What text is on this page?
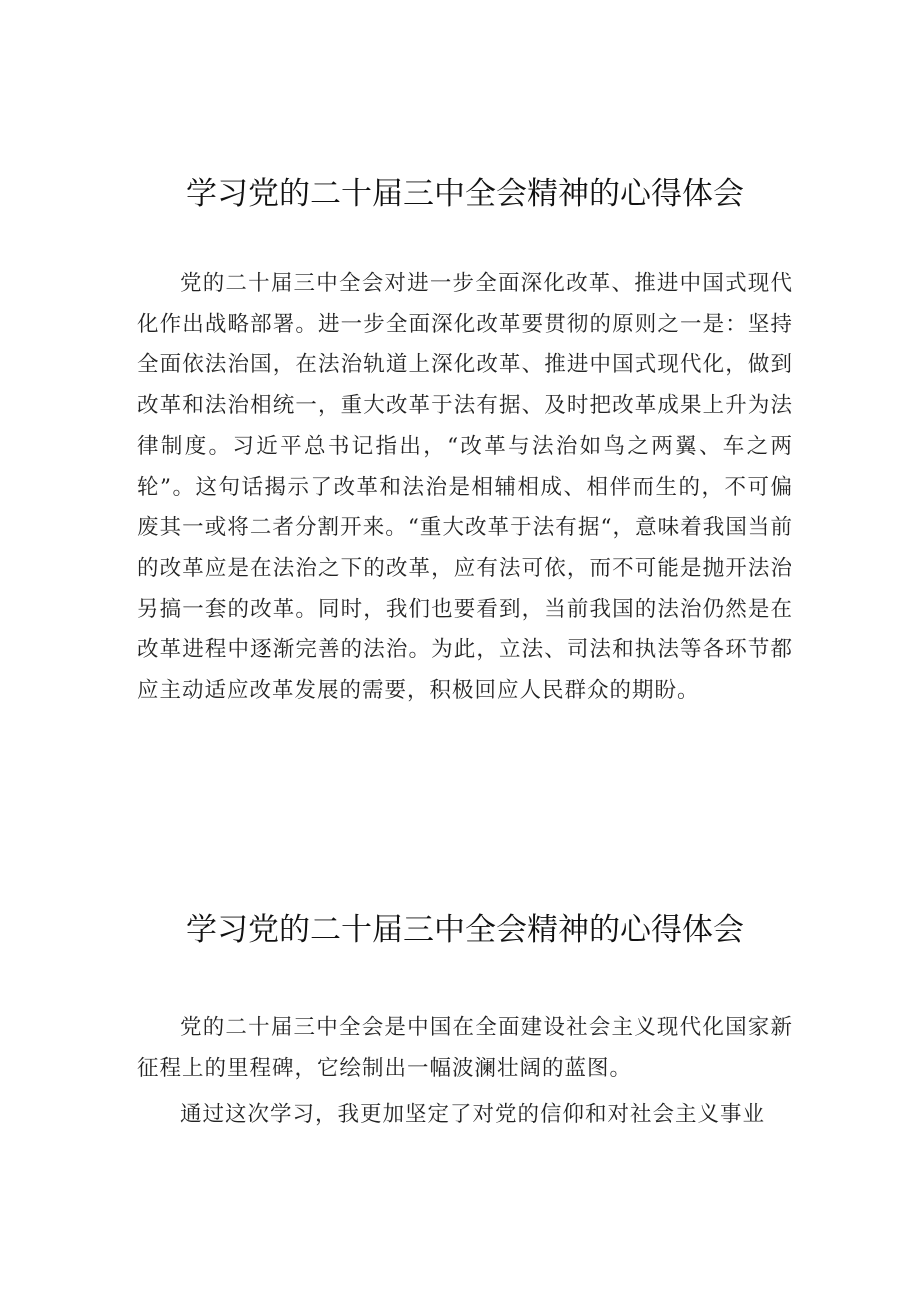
学习党的二十届三中全会精神的心得体会

党的二十届三中全会对进一步全面深化改革、推进中国式现代化作出战略部署。进一步全面深化改革要贯彻的原则之一是：坚持全面依法治国，在法治轨道上深化改革、推进中国式现代化，做到改革和法治相统一，重大改革于法有据、及时把改革成果上升为法律制度。习近平总书记指出，“改革与法治如鸟之两翼、车之两轮”。这句话揭示了改革和法治是相辅相成、相伴而生的，不可偏废其一或将二者分割开来。“重大改革于法有据“，意味着我国当前的改革应是在法治之下的改革，应有法可依，而不可能是抛开法治另搞一套的改革。同时，我们也要看到，当前我国的法治仍然是在改革进程中逐渐完善的法治。为此，立法、司法和执法等各环节都应主动适应改革发展的需要，积极回应人民群众的期盼。

学习党的二十届三中全会精神的心得体会

党的二十届三中全会是中国在全面建设社会主义现代化国家新征程上的里程碑，它绘制出一幅波澜壮阔的蓝图。

通过这次学习，我更加坚定了对党的信仰和对社会主义事业
